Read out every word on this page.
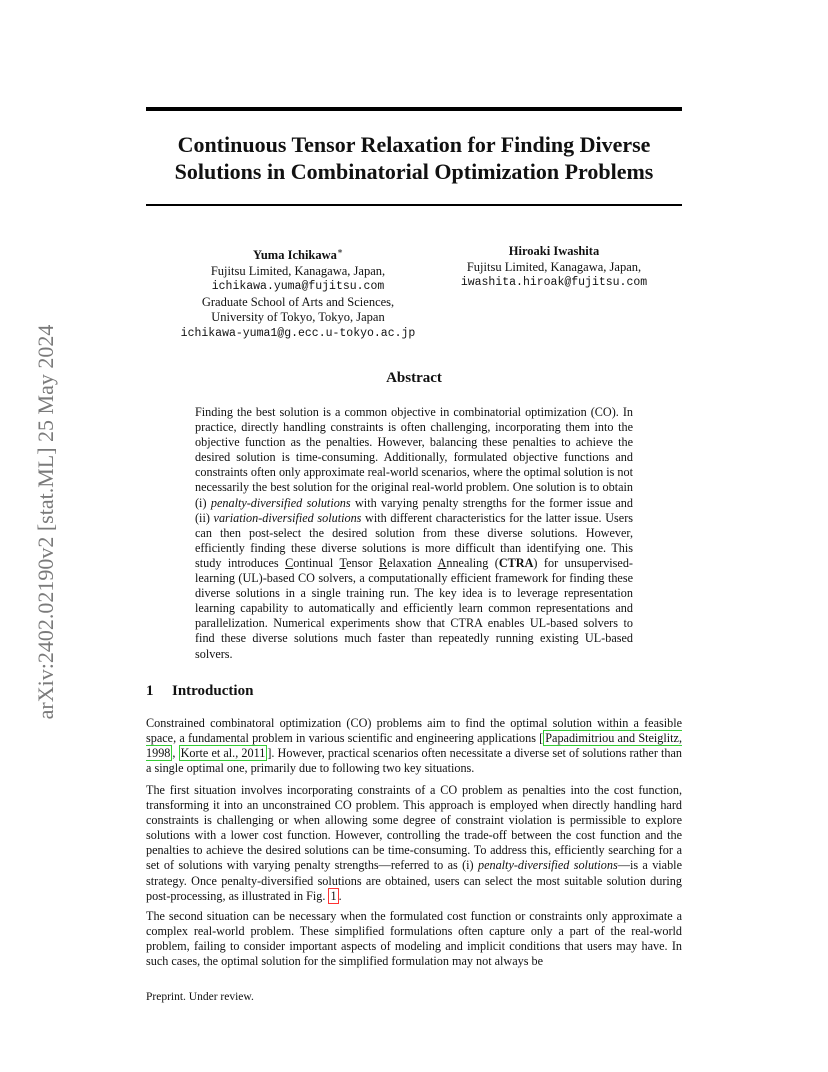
arXiv:2402.02190v2 [stat.ML] 25 May 2024
Continuous Tensor Relaxation for Finding Diverse
Solutions in Combinatorial Optimization Problems
Yuma Ichikawa∗
Fujitsu Limited, Kanagawa, Japan,
ichikawa.yuma@fujitsu.com
Graduate School of Arts and Sciences,
University of Tokyo, Tokyo, Japan
ichikawa-yuma1@g.ecc.u-tokyo.ac.jp
Hiroaki Iwashita
Fujitsu Limited, Kanagawa, Japan,
iwashita.hiroak@fujitsu.com
Abstract

Finding the best solution is a common objective in combinatorial optimization (CO). In practice, directly handling constraints is often challenging, incorporating them into the objective function as the penalties. However, balancing these penalties to achieve the desired solution is time-consuming. Additionally, formulated objective functions and constraints often only approximate real-world scenarios, where the optimal solution is not necessarily the best solution for the original real-world problem. One solution is to obtain (i) penalty-diversified solutions with varying penalty strengths for the former issue and (ii) variation-diversified solutions with different characteristics for the latter issue. Users can then post-select the desired solution from these diverse solutions. However, efficiently finding these diverse solutions is more difficult than identifying one. This study introduces Continual Tensor Relaxation Annealing (CTRA) for unsupervised-learning (UL)-based CO solvers, a computationally efficient framework for finding these diverse solutions in a single training run. The key idea is to leverage representation learning capability to automatically and efficiently learn common representations and parallelization. Numerical experiments show that CTRA enables UL-based solvers to find these diverse solutions much faster than repeatedly running existing UL-based solvers.

1 Introduction

Constrained combinatoral optimization (CO) problems aim to find the optimal solution within a feasible space, a fundamental problem in various scientific and engineering applications [ Papadimitriou and Steiglitz, 1998 , Korte et al., 2011 ]. However, practical scenarios often necessitate a diverse set of solutions rather than a single optimal one, primarily due to following two key situations.

The first situation involves incorporating constraints of a CO problem as penalties into the cost function, transforming it into an unconstrained CO problem. This approach is employed when directly handling hard constraints is challenging or when allowing some degree of constraint violation is permissible to explore solutions with a lower cost function. However, controlling the trade-off between the cost function and the penalties to achieve the desired solutions can be time-consuming. To address this, efficiently searching for a set of solutions with varying penalty strengths—referred to as (i) penalty-diversified solutions—is a viable strategy. Once penalty-diversified solutions are obtained, users can select the most suitable solution during post-processing, as illustrated in Fig. 1 .

The second situation can be necessary when the formulated cost function or constraints only approximate a complex real-world problem. These simplified formulations often capture only a part of the real-world problem, failing to consider important aspects of modeling and implicit conditions that users may have. In such cases, the optimal solution for the simplified formulation may not always be

Preprint. Under review.
